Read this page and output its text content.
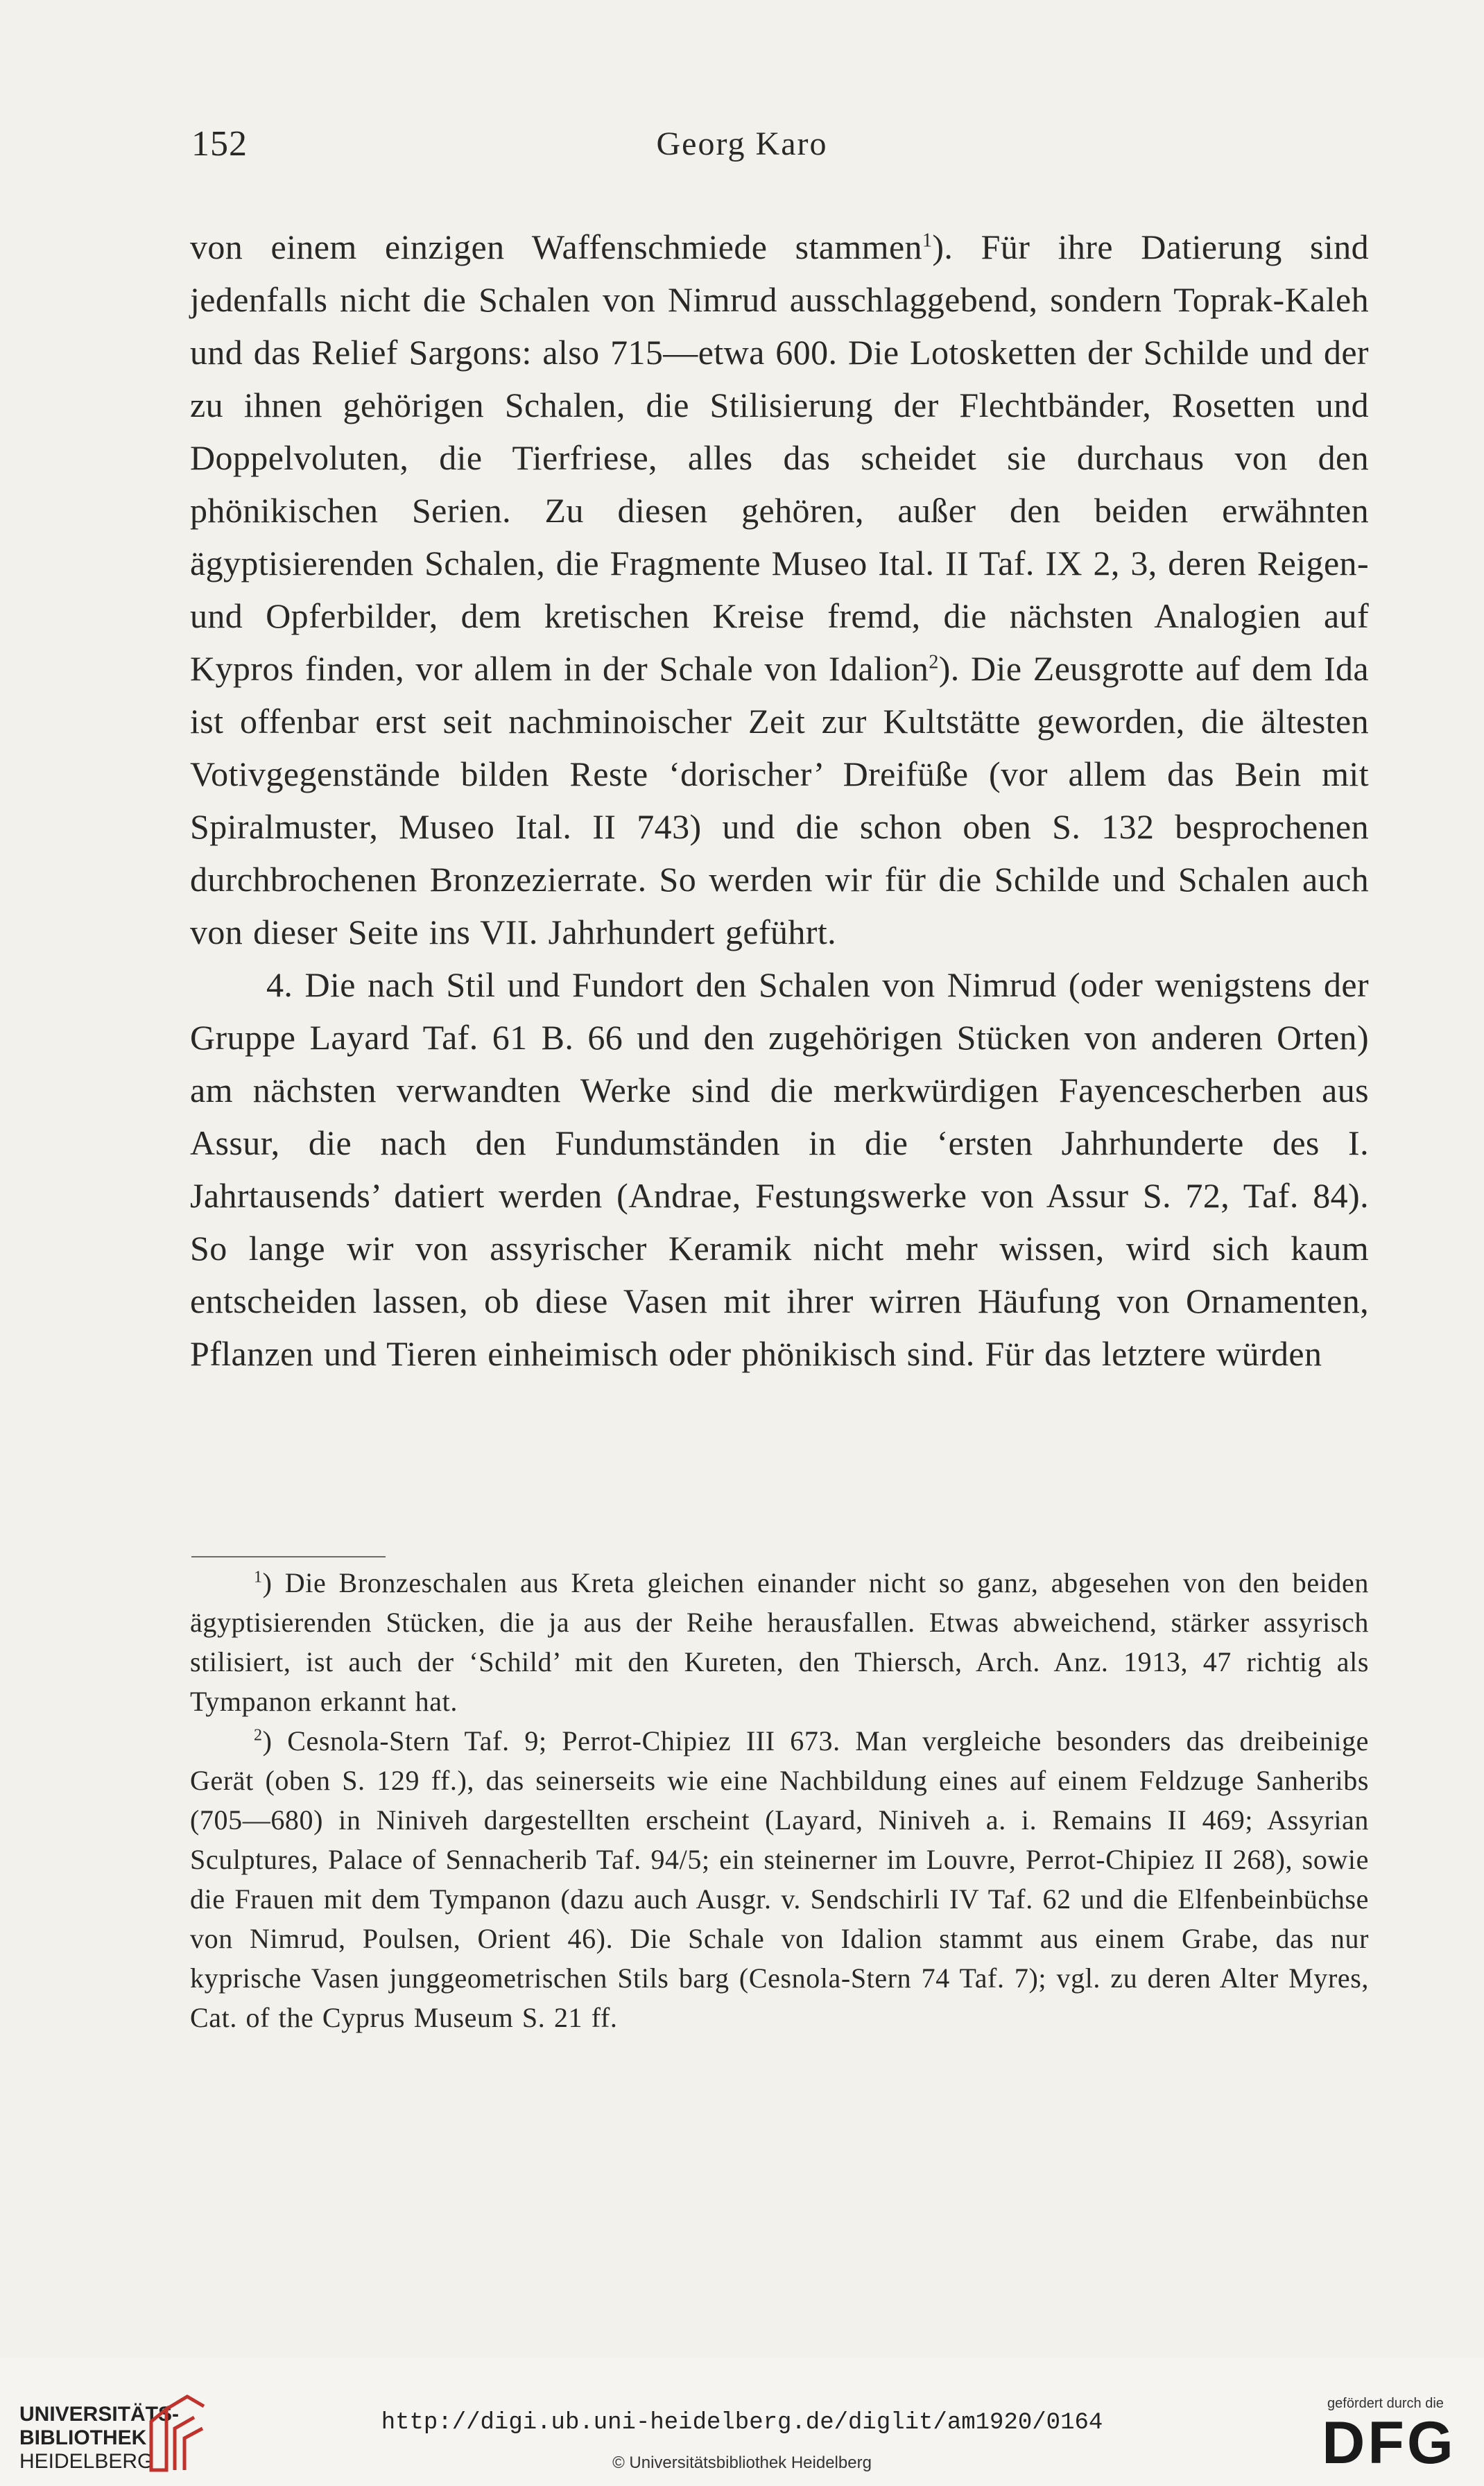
152	Georg Karo

von einem einzigen Waffenschmiede stammen$^1$). Für ihre Datierung sind jedenfalls nicht die Schalen von Nimrud ausschlaggebend, sondern Toprak-Kaleh und das Relief Sargons: also 715—etwa 600. Die Lotosketten der Schilde und der zu ihnen gehörigen Schalen, die Stilisierung der Flechtbänder, Rosetten und Doppelvoluten, die Tierfriese, alles das scheidet sie durchaus von den phönikischen Serien. Zu diesen gehören, außer den beiden erwähnten ägyptisierenden Schalen, die Fragmente Museo Ital. II Taf. IX 2, 3, deren Reigen- und Opferbilder, dem kretischen Kreise fremd, die nächsten Analogien auf Kypros finden, vor allem in der Schale von Idalion$^2$). Die Zeusgrotte auf dem Ida ist offenbar erst seit nachminoischer Zeit zur Kultstätte geworden, die ältesten Votivgegenstände bilden Reste ‘dorischer’ Dreifüße (vor allem das Bein mit Spiralmuster, Museo Ital. II 743) und die schon oben S. 132 besprochenen durchbrochenen Bronzezierrate. So werden wir für die Schilde und Schalen auch von dieser Seite ins VII. Jahrhundert geführt.

4. Die nach Stil und Fundort den Schalen von Nimrud (oder wenigstens der Gruppe Layard Taf. 61 B. 66 und den zugehörigen Stücken von anderen Orten) am nächsten verwandten Werke sind die merkwürdigen Fayencescherben aus Assur, die nach den Fundumständen in die ‘ersten Jahrhunderte des I. Jahrtausends’ datiert werden (Andrae, Festungswerke von Assur S. 72, Taf. 84). So lange wir von assyrischer Keramik nicht mehr wissen, wird sich kaum entscheiden lassen, ob diese Vasen mit ihrer wirren Häufung von Ornamenten, Pflanzen und Tieren einheimisch oder phönikisch sind. Für das letztere würden

$^1$) Die Bronzeschalen aus Kreta gleichen einander nicht so ganz, abgesehen von den beiden ägyptisierenden Stücken, die ja aus der Reihe herausfallen. Etwas abweichend, stärker assyrisch stilisiert, ist auch der ‘Schild’ mit den Kureten, den Thiersch, Arch. Anz. 1913, 47 richtig als Tympanon erkannt hat.

$^2$) Cesnola-Stern Taf. 9; Perrot-Chipiez III 673. Man vergleiche besonders das dreibeinige Gerät (oben S. 129 ff.), das seinerseits wie eine Nachbildung eines auf einem Feldzuge Sanheribs (705—680) in Niniveh dargestellten erscheint (Layard, Niniveh a. i. Remains II 469; Assyrian Sculptures, Palace of Sennacherib Taf. 94/5; ein steinerner im Louvre, Perrot-Chipiez II 268), sowie die Frauen mit dem Tympanon (dazu auch Ausgr. v. Sendschirli IV Taf. 62 und die Elfenbeinbüchse von Nimrud, Poulsen, Orient 46). Die Schale von Idalion stammt aus einem Grabe, das nur kyprische Vasen junggeometrischen Stils barg (Cesnola-Stern 74 Taf. 7); vgl. zu deren Alter Myres, Cat. of the Cyprus Museum S. 21 ff.

UNIVERSITÄTS-
BIBLIOTHEK
HEIDELBERG
http://digi.ub.uni-heidelberg.de/diglit/am1920/0164
© Universitätsbibliothek Heidelberg
gefördert durch die
DFG
